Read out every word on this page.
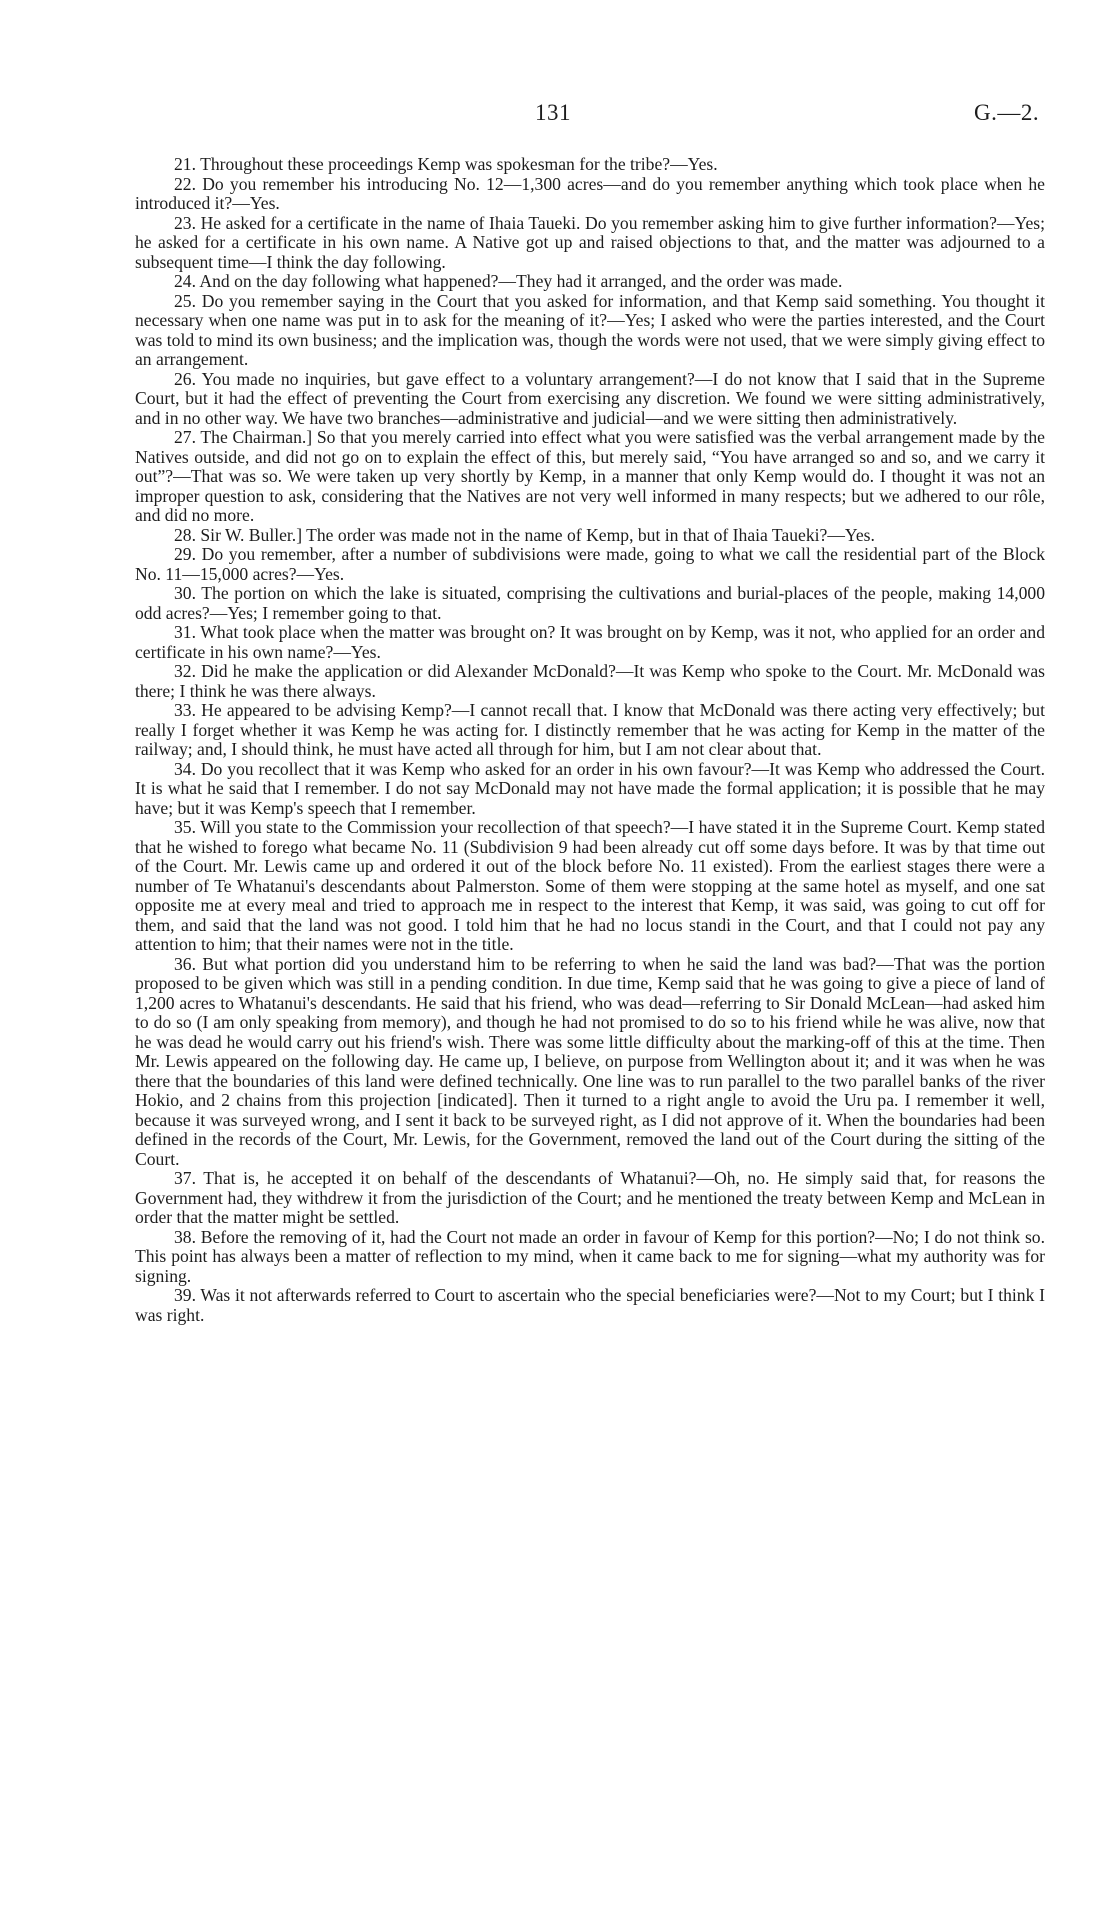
131	G.—2.

21. Throughout these proceedings Kemp was spokesman for the tribe?—Yes.

22. Do you remember his introducing No. 12—1,300 acres—and do you remember anything which took place when he introduced it?—Yes.

23. He asked for a certificate in the name of Ihaia Taueki. Do you remember asking him to give further information?—Yes; he asked for a certificate in his own name. A Native got up and raised objections to that, and the matter was adjourned to a subsequent time—I think the day following.

24. And on the day following what happened?—They had it arranged, and the order was made.

25. Do you remember saying in the Court that you asked for information, and that Kemp said something. You thought it necessary when one name was put in to ask for the meaning of it?—Yes; I asked who were the parties interested, and the Court was told to mind its own business; and the implication was, though the words were not used, that we were simply giving effect to an arrangement.

26. You made no inquiries, but gave effect to a voluntary arrangement?—I do not know that I said that in the Supreme Court, but it had the effect of preventing the Court from exercising any discretion. We found we were sitting administratively, and in no other way. We have two branches—administrative and judicial—and we were sitting then administratively.

27. The Chairman.] So that you merely carried into effect what you were satisfied was the verbal arrangement made by the Natives outside, and did not go on to explain the effect of this, but merely said, “You have arranged so and so, and we carry it out”?—That was so. We were taken up very shortly by Kemp, in a manner that only Kemp would do. I thought it was not an improper question to ask, considering that the Natives are not very well informed in many respects; but we adhered to our rôle, and did no more.

28. Sir W. Buller.] The order was made not in the name of Kemp, but in that of Ihaia Taueki?—Yes.

29. Do you remember, after a number of subdivisions were made, going to what we call the residential part of the Block No. 11—15,000 acres?—Yes.

30. The portion on which the lake is situated, comprising the cultivations and burial-places of the people, making 14,000 odd acres?—Yes; I remember going to that.

31. What took place when the matter was brought on? It was brought on by Kemp, was it not, who applied for an order and certificate in his own name?—Yes.

32. Did he make the application or did Alexander McDonald?—It was Kemp who spoke to the Court. Mr. McDonald was there; I think he was there always.

33. He appeared to be advising Kemp?—I cannot recall that. I know that McDonald was there acting very effectively; but really I forget whether it was Kemp he was acting for. I distinctly remember that he was acting for Kemp in the matter of the railway; and, I should think, he must have acted all through for him, but I am not clear about that.

34. Do you recollect that it was Kemp who asked for an order in his own favour?—It was Kemp who addressed the Court. It is what he said that I remember. I do not say McDonald may not have made the formal application; it is possible that he may have; but it was Kemp's speech that I remember.

35. Will you state to the Commission your recollection of that speech?—I have stated it in the Supreme Court. Kemp stated that he wished to forego what became No. 11 (Subdivision 9 had been already cut off some days before. It was by that time out of the Court. Mr. Lewis came up and ordered it out of the block before No. 11 existed). From the earliest stages there were a number of Te Whatanui's descendants about Palmerston. Some of them were stopping at the same hotel as myself, and one sat opposite me at every meal and tried to approach me in respect to the interest that Kemp, it was said, was going to cut off for them, and said that the land was not good. I told him that he had no locus standi in the Court, and that I could not pay any attention to him; that their names were not in the title.

36. But what portion did you understand him to be referring to when he said the land was bad?—That was the portion proposed to be given which was still in a pending condition. In due time, Kemp said that he was going to give a piece of land of 1,200 acres to Whatanui's descendants. He said that his friend, who was dead—referring to Sir Donald McLean—had asked him to do so (I am only speaking from memory), and though he had not promised to do so to his friend while he was alive, now that he was dead he would carry out his friend's wish. There was some little difficulty about the marking-off of this at the time. Then Mr. Lewis appeared on the following day. He came up, I believe, on purpose from Wellington about it; and it was when he was there that the boundaries of this land were defined technically. One line was to run parallel to the two parallel banks of the river Hokio, and 2 chains from this projection [indicated]. Then it turned to a right angle to avoid the Uru pa. I remember it well, because it was surveyed wrong, and I sent it back to be surveyed right, as I did not approve of it. When the boundaries had been defined in the records of the Court, Mr. Lewis, for the Government, removed the land out of the Court during the sitting of the Court.

37. That is, he accepted it on behalf of the descendants of Whatanui?—Oh, no. He simply said that, for reasons the Government had, they withdrew it from the jurisdiction of the Court; and he mentioned the treaty between Kemp and McLean in order that the matter might be settled.

38. Before the removing of it, had the Court not made an order in favour of Kemp for this portion?—No; I do not think so. This point has always been a matter of reflection to my mind, when it came back to me for signing—what my authority was for signing.

39. Was it not afterwards referred to Court to ascertain who the special beneficiaries were?—Not to my Court; but I think I was right.
